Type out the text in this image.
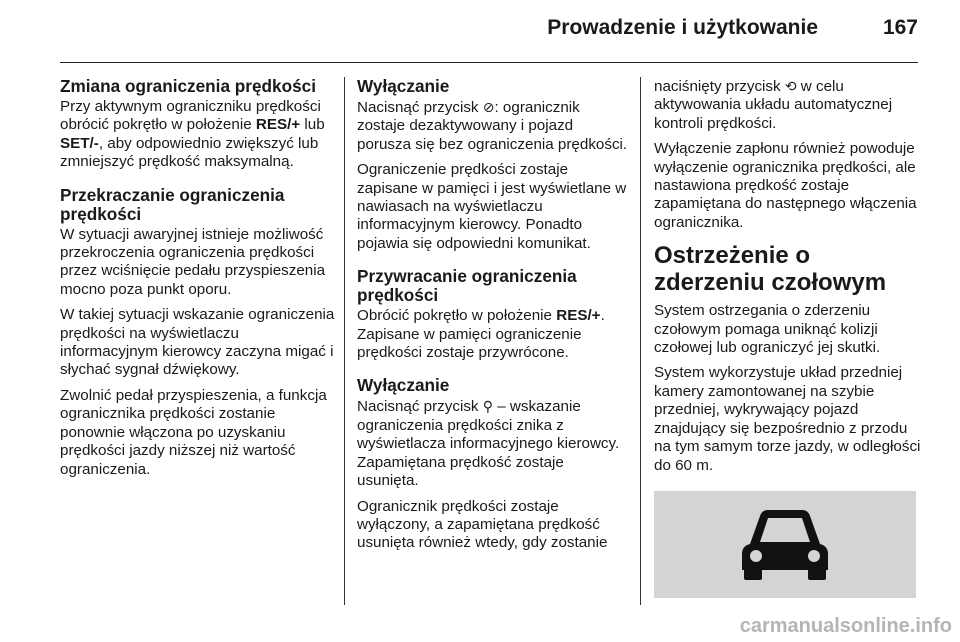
Prowadzenie i użytkowanie	167
Zmiana ograniczenia prędkości

Przy aktywnym ograniczniku prędkości obrócić pokrętło w położenie RES/+ lub SET/-, aby odpowiednio zwiększyć lub zmniejszyć prędkość maksymalną.

Przekraczanie ograniczenia prędkości

W sytuacji awaryjnej istnieje możliwość przekroczenia ograniczenia prędkości przez wciśnięcie pedału przyspieszenia mocno poza punkt oporu.

W takiej sytuacji wskazanie ograniczenia prędkości na wyświetlaczu informacyjnym kierowcy zaczyna migać i słychać sygnał dźwiękowy.

Zwolnić pedał przyspieszenia, a funkcja ogranicznika prędkości zostanie ponownie włączona po uzyskaniu prędkości jazdy niższej niż wartość ograniczenia.

Wyłączanie

Nacisnąć przycisk ⊘: ogranicznik zostaje dezaktywowany i pojazd porusza się bez ograniczenia prędkości.

Ograniczenie prędkości zostaje zapisane w pamięci i jest wyświetlane w nawiasach na wyświetlaczu informacyjnym kierowcy. Ponadto pojawia się odpowiedni komunikat.

Przywracanie ograniczenia prędkości

Obrócić pokrętło w położenie RES/+. Zapisane w pamięci ograniczenie prędkości zostaje przywrócone.

Wyłączanie

Nacisnąć przycisk ⚲ – wskazanie ograniczenia prędkości znika z wyświetlacza informacyjnego kierowcy. Zapamiętana prędkość zostaje usunięta.

Ogranicznik prędkości zostaje wyłączony, a zapamiętana prędkość usunięta również wtedy, gdy zostanie

naciśnięty przycisk ⟲ w celu aktywowania układu automatycznej kontroli prędkości.

Wyłączenie zapłonu również powoduje wyłączenie ogranicznika prędkości, ale nastawiona prędkość zostaje zapamiętana do następnego włączenia ogranicznika.

Ostrzeżenie o zderzeniu czołowym

System ostrzegania o zderzeniu czołowym pomaga uniknąć kolizji czołowej lub ograniczyć jej skutki.

System wykorzystuje układ przedniej kamery zamontowanej na szybie przedniej, wykrywający pojazd znajdujący się bezpośrednio z przodu na tym samym torze jazdy, w odległości do 60 m.

carmanualsonline.info
